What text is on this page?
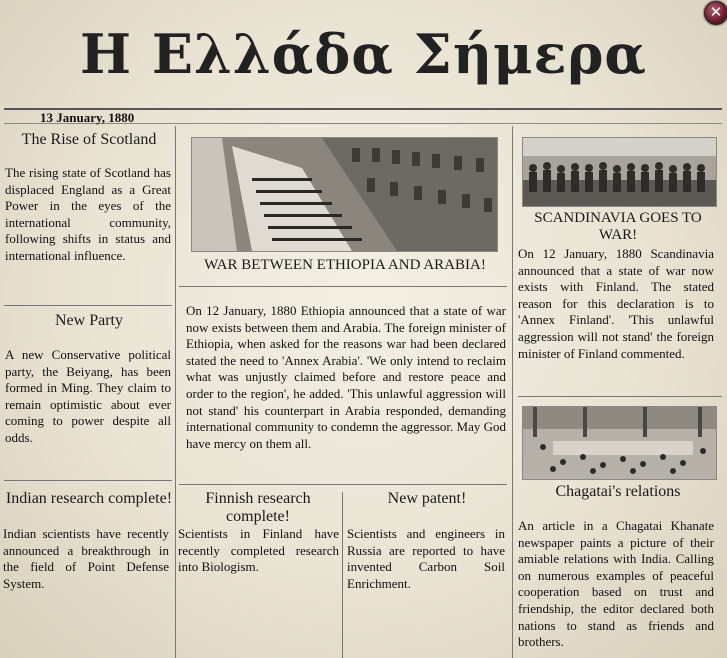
Η Ελλάδα Σήμερα
✕
13 January, 1880
The Rise of Scotland
The rising state of Scotland has displaced England as a Great Power in the eyes of the international community, following shifts in status and international influence.
New Party
A new Conservative political party, the Beiyang, has been formed in Ming. They claim to remain optimistic about ever coming to power despite all odds.
Indian research complete!
Indian scientists have recently announced a breakthrough in the field of Point Defense System.
WAR BETWEEN ETHIOPIA AND ARABIA!
On 12 January, 1880 Ethiopia announced that a state of war now exists between them and Arabia. The foreign minister of Ethiopia, when asked for the reasons war had been declared stated the need to 'Annex Arabia'. 'We only intend to reclaim what was unjustly claimed before and restore peace and order to the region', he added. 'This unlawful aggression will not stand' his counterpart in Arabia responded, demanding international community to condemn the aggressor. May God have mercy on them all.
Finnish research complete!
Scientists in Finland have recently completed research into Biologism.
New patent!
Scientists and engineers in Russia are reported to have invented Carbon Soil Enrichment.
SCANDINAVIA GOES TO WAR!
On 12 January, 1880 Scandinavia announced that a state of war now exists with Finland. The stated reason for this declaration is to 'Annex Finland'. 'This unlawful aggression will not stand' the foreign minister of Finland commented.
Chagatai's relations
An article in a Chagatai Khanate newspaper paints a picture of their amiable relations with India. Calling on numerous examples of peaceful cooperation based on trust and friendship, the editor declared both nations to stand as friends and brothers.
